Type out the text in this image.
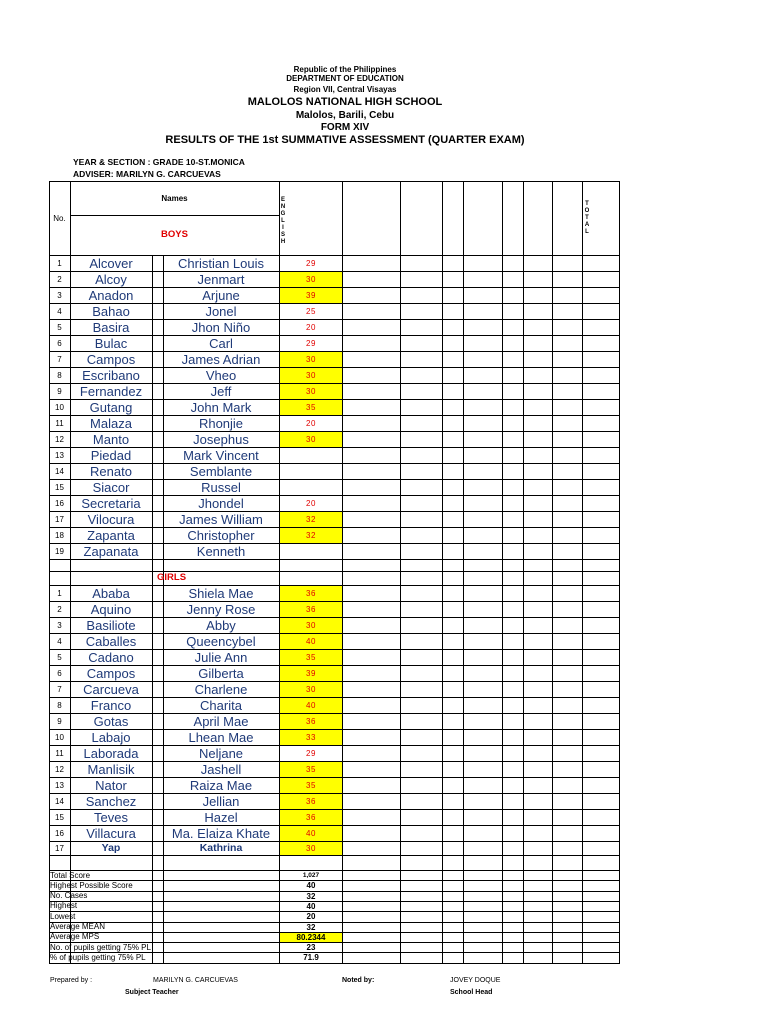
Republic of the Philippines
DEPARTMENT OF EDUCATION
Region VII, Central Visayas
MALOLOS NATIONAL HIGH SCHOOL
Malolos, Barili, Cebu
FORM XIV
RESULTS OF THE 1st SUMMATIVE ASSESSMENT (QUARTER EXAM)
YEAR & SECTION : GRADE 10-ST.MONICA
ADVISER: MARILYN G. CARCUEVAS
No.
Names
BOYS
E
N
G
L
I
S
H
T
O
T
A
L
1	Alcover	Christian Louis	29
2	Alcoy	Jenmart	30
3	Anadon	Arjune	39
4	Bahao	Jonel	25
5	Basira	Jhon Niño	20
6	Bulac	Carl	29
7	Campos	James Adrian	30
8	Escribano	Vheo	30
9	Fernandez	Jeff	30
10	Gutang	John Mark	35
11	Malaza	Rhonjie	20
12	Manto	Josephus	30
13	Piedad	Mark Vincent
14	Renato	Semblante
15	Siacor	Russel
16	Secretaria	Jhondel	20
17	Vilocura	James William	32
18	Zapanta	Christopher	32
19	Zapanata	Kenneth
GIRLS
1	Ababa	Shiela Mae	36
2	Aquino	Jenny Rose	36
3	Basiliote	Abby	30
4	Caballes	Queencybel	40
5	Cadano	Julie Ann	35
6	Campos	Gilberta	39
7	Carcueva	Charlene	30
8	Franco	Charita	40
9	Gotas	April Mae	36
10	Labajo	Lhean Mae	33
11	Laborada	Neljane	29
12	Manlisik	Jashell	35
13	Nator	Raiza Mae	35
14	Sanchez	Jellian	36
15	Teves	Hazel	36
16	Villacura	Ma. Elaiza Khate	40
17	Yap	Kathrina	30
Total Score	1,027
Highest Possible Score	40
No. Cases	32
Highest	40
Lowest	20
Average MEAN	32
Average MPS	80.2344
No. of pupils getting 75% PL	23
% of pupils getting 75% PL	71.9
Prepared by :	MARILYN G. CARCUEVAS
Subject Teacher
Noted by:	JOVEY DOQUE
School Head
